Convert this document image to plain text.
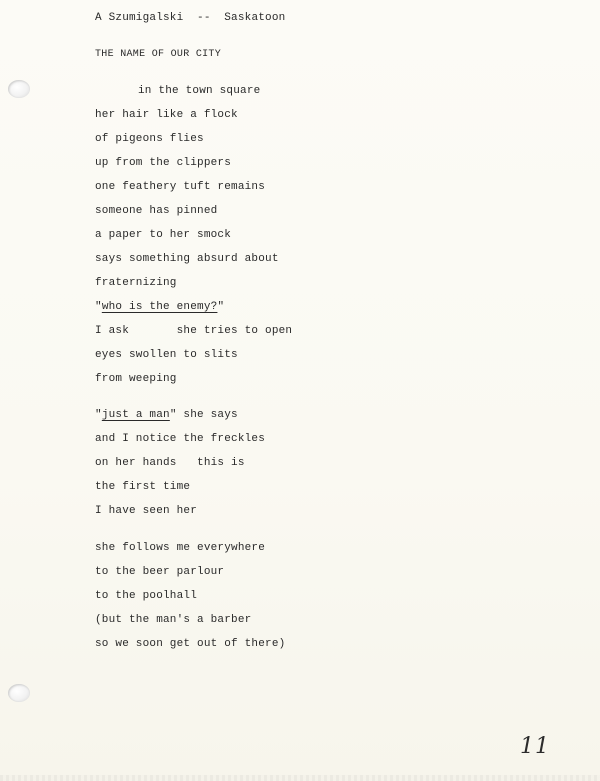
A Szumigalski -- Saskatoon
THE NAME OF OUR CITY
in the town square
her hair like a flock
of pigeons flies
up from the clippers
one feathery tuft remains
someone has pinned
a paper to her smock
says something absurd about
fraternizing
"who is the enemy?"
I ask       she tries to open
eyes swollen to slits
from weeping
"just a man" she says
and I notice the freckles
on her hands   this is
the first time
I have seen her
she follows me everywhere
to the beer parlour
to the poolhall
(but the man's a barber
so we soon get out of there)
11
